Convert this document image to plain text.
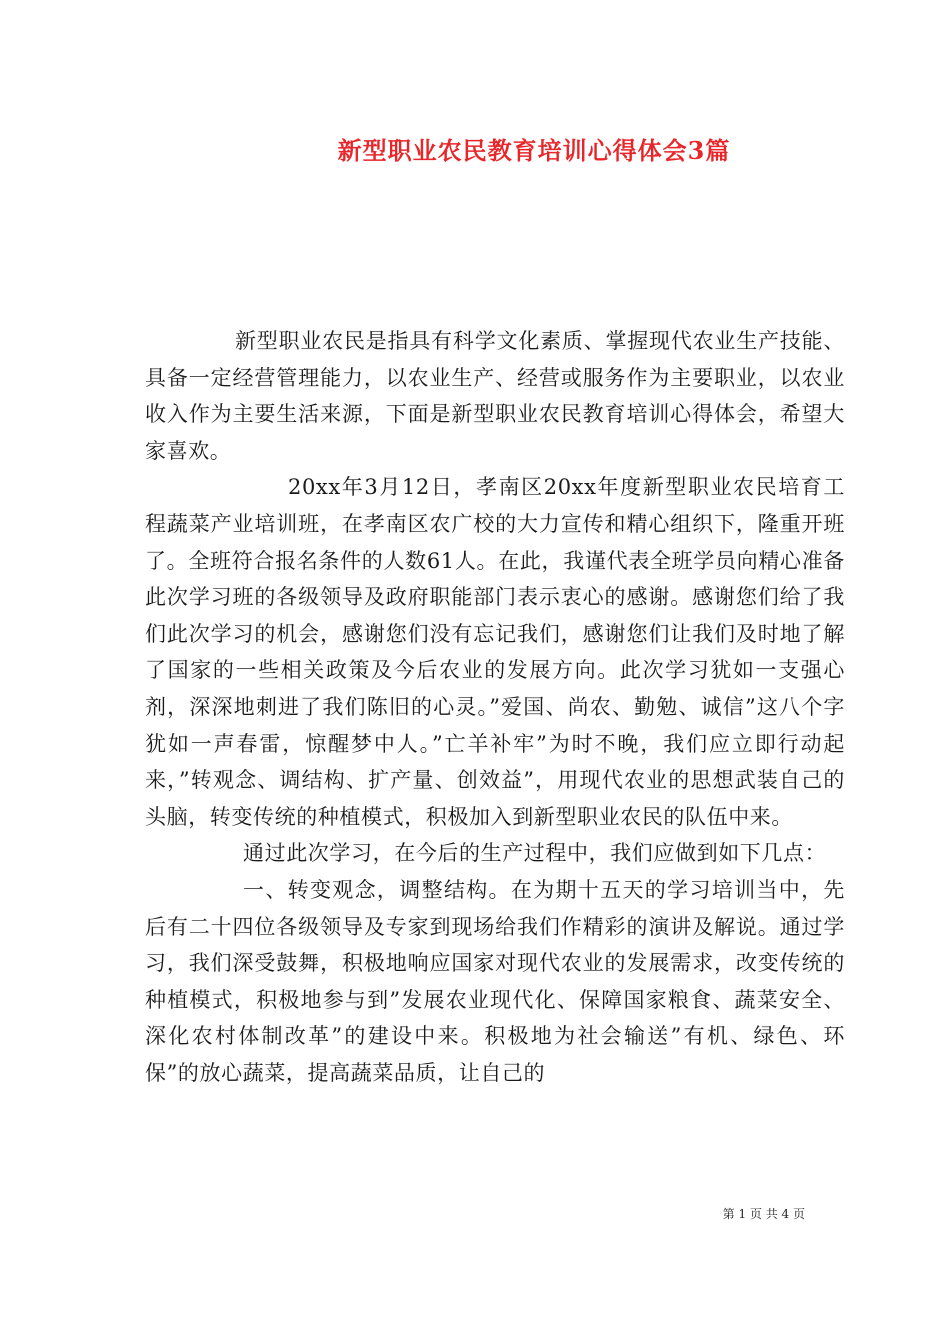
新型职业农民教育培训心得体会3篇

新型职业农民是指具有科学文化素质、掌握现代农业生产技能、具备一定经营管理能力，以农业生产、经营或服务作为主要职业，以农业收入作为主要生活来源，下面是新型职业农民教育培训心得体会，希望大家喜欢。

20xx年3月12日，孝南区20xx年度新型职业农民培育工程蔬菜产业培训班，在孝南区农广校的大力宣传和精心组织下，隆重开班了。全班符合报名条件的人数61人。在此，我谨代表全班学员向精心准备此次学习班的各级领导及政府职能部门表示衷心的感谢。感谢您们给了我们此次学习的机会，感谢您们没有忘记我们，感谢您们让我们及时地了解了国家的一些相关政策及今后农业的发展方向。此次学习犹如一支强心剂，深深地刺进了我们陈旧的心灵。”爱国、尚农、勤勉、诚信”这八个字犹如一声春雷，惊醒梦中人。”亡羊补牢”为时不晚，我们应立即行动起来，”转观念、调结构、扩产量、创效益”，用现代农业的思想武装自己的头脑，转变传统的种植模式，积极加入到新型职业农民的队伍中来。

通过此次学习，在今后的生产过程中，我们应做到如下几点：

一、转变观念，调整结构。在为期十五天的学习培训当中，先后有二十四位各级领导及专家到现场给我们作精彩的演讲及解说。通过学习，我们深受鼓舞，积极地响应国家对现代农业的发展需求，改变传统的种植模式，积极地参与到”发展农业现代化、保障国家粮食、蔬菜安全、深化农村体制改革”的建设中来。积极地为社会输送”有机、绿色、环保”的放心蔬菜，提高蔬菜品质，让自己的

第 1 页 共 4 页
